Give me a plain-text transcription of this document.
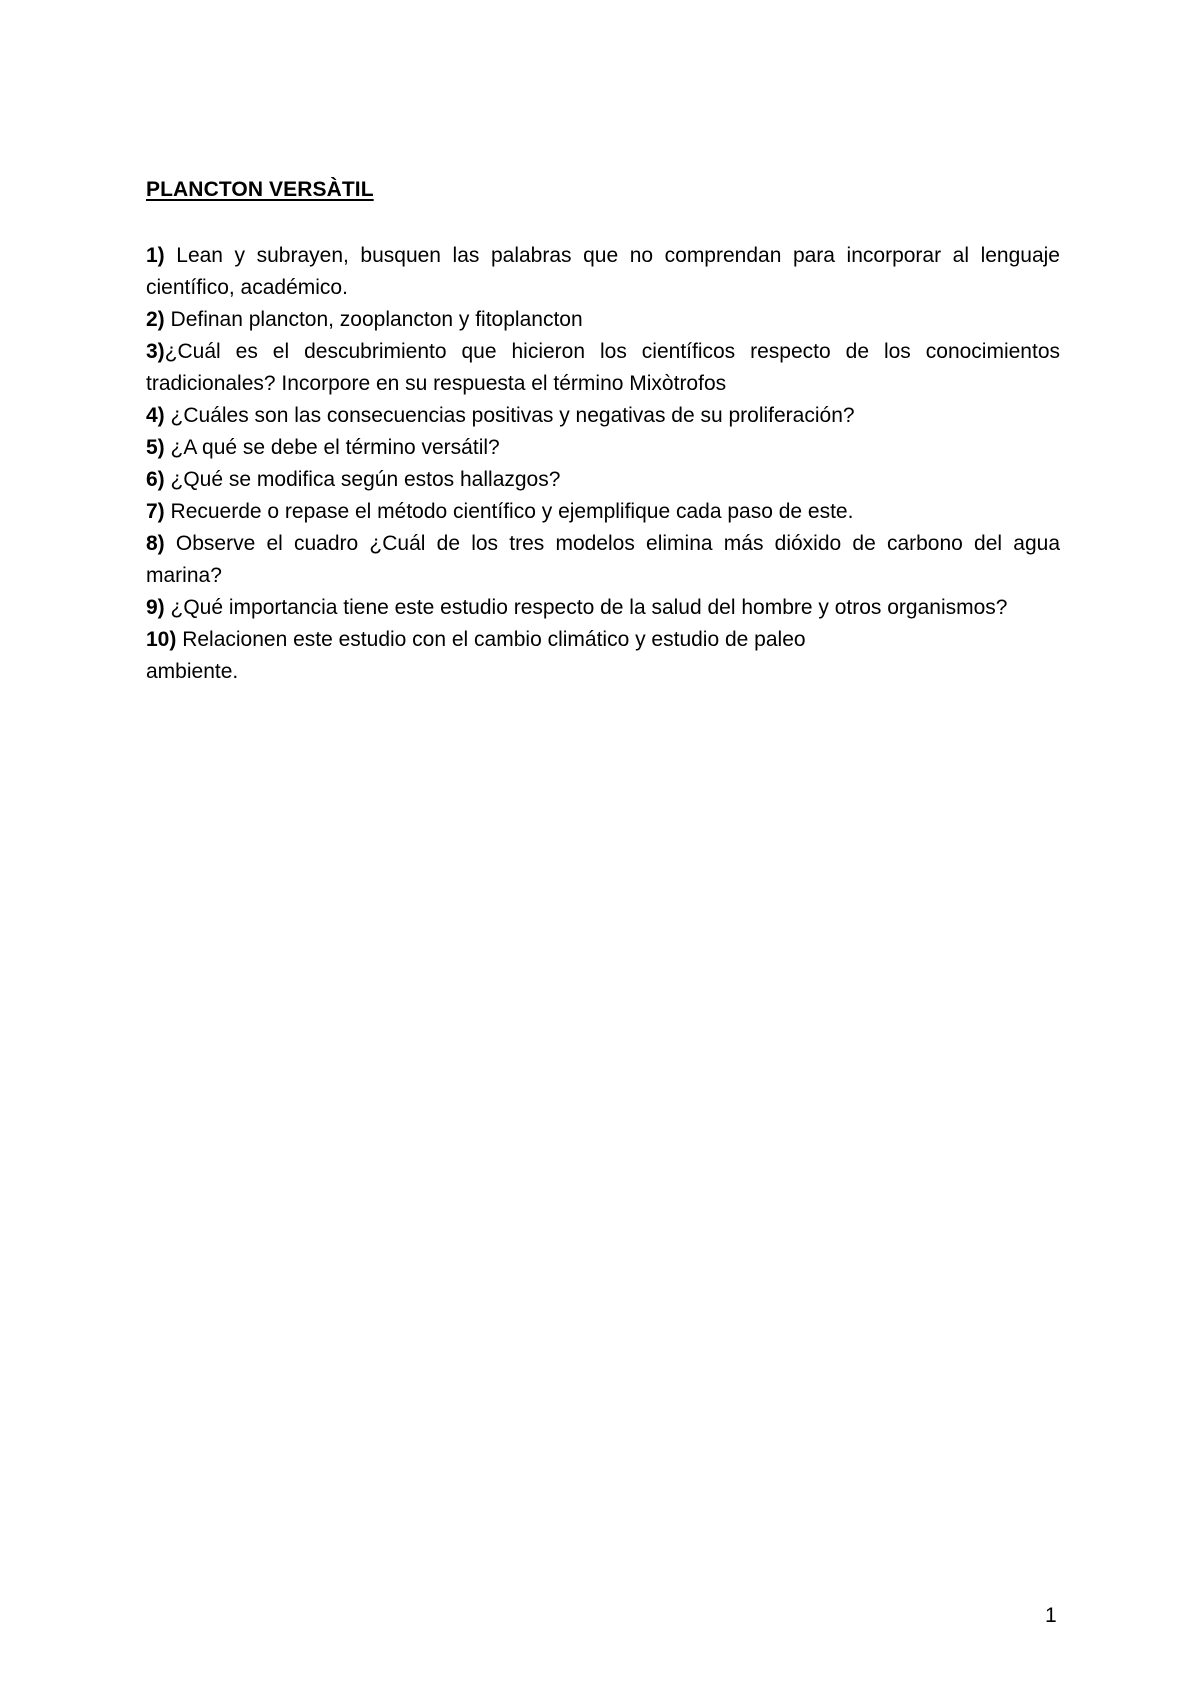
PLANCTON VERSÀTIL
1) Lean y subrayen, busquen las palabras que no comprendan para incorporar al lenguaje científico, académico.
2) Definan plancton, zooplancton y fitoplancton
3)¿Cuál es el descubrimiento que hicieron los científicos respecto de los conocimientos tradicionales? Incorpore en su respuesta el término Mixòtrofos
4) ¿Cuáles son las consecuencias positivas y negativas de su proliferación?
5) ¿A qué se debe el término versátil?
6) ¿Qué se modifica según estos hallazgos?
7) Recuerde o repase el método científico y ejemplifique cada paso de este.
8) Observe el cuadro ¿Cuál de los tres modelos elimina más dióxido de carbono del agua marina?
9) ¿Qué importancia tiene este estudio respecto de la salud del hombre y otros organismos?
10) Relacionen este estudio con el cambio climático y estudio de paleo
ambiente.
1
